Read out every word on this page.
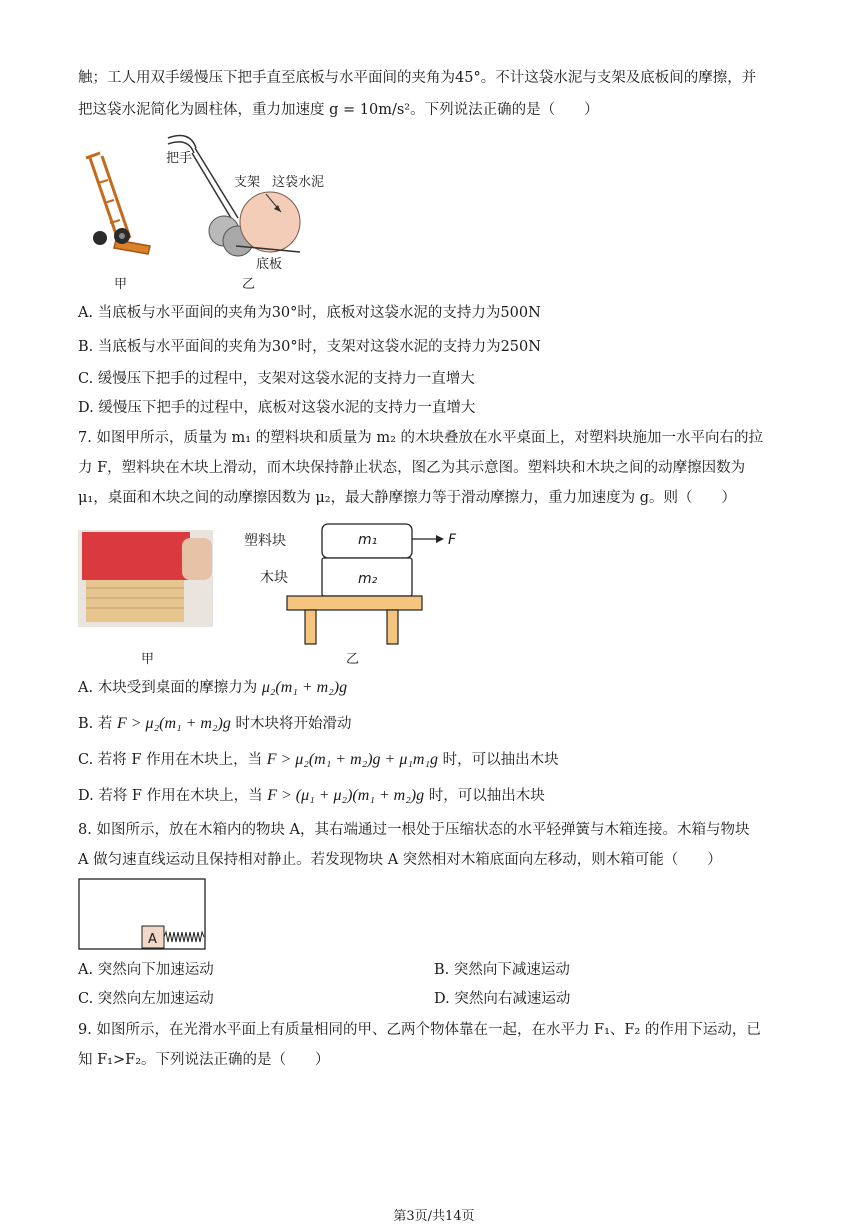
触；工人用双手缓慢压下把手直至底板与水平面间的夹角为45°。不计这袋水泥与支架及底板间的摩擦，并
把这袋水泥简化为圆柱体，重力加速度 g = 10m/s²。下列说法正确的是（　　）
甲
把手
支架 这袋水泥
底板
乙
A. 当底板与水平面间的夹角为30°时，底板对这袋水泥的支持力为500N
B. 当底板与水平面间的夹角为30°时，支架对这袋水泥的支持力为250N
C. 缓慢压下把手的过程中，支架对这袋水泥的支持力一直增大
D. 缓慢压下把手的过程中，底板对这袋水泥的支持力一直增大
7. 如图甲所示，质量为 m₁ 的塑料块和质量为 m₂ 的木块叠放在水平桌面上，对塑料块施加一水平向右的拉
力 F，塑料块在木块上滑动，而木块保持静止状态，图乙为其示意图。塑料块和木块之间的动摩擦因数为
μ₁，桌面和木块之间的动摩擦因数为 μ₂，最大静摩擦力等于滑动摩擦力，重力加速度为 g。则（　　）
甲
m₁
m₂
F
塑料块
木块
乙
A. 木块受到桌面的摩擦力为 μ₂(m₁ + m₂)g
B. 若 F > μ₂(m₁ + m₂)g 时木块将开始滑动
C. 若将 F 作用在木块上，当 F > μ₂(m₁ + m₂)g + μ₁m₁g 时，可以抽出木块
D. 若将 F 作用在木块上，当 F > (μ₁ + μ₂)(m₁ + m₂)g 时，可以抽出木块
8. 如图所示，放在木箱内的物块 A，其右端通过一根处于压缩状态的水平轻弹簧与木箱连接。木箱与物块
A 做匀速直线运动且保持相对静止。若发现物块 A 突然相对木箱底面向左移动，则木箱可能（　　）
A
A. 突然向下加速运动	B. 突然向下减速运动
C. 突然向左加速运动	D. 突然向右减速运动
9. 如图所示，在光滑水平面上有质量相同的甲、乙两个物体靠在一起，在水平力 F₁、F₂ 的作用下运动，已
知 F₁>F₂。下列说法正确的是（　　）
第3页/共14页
